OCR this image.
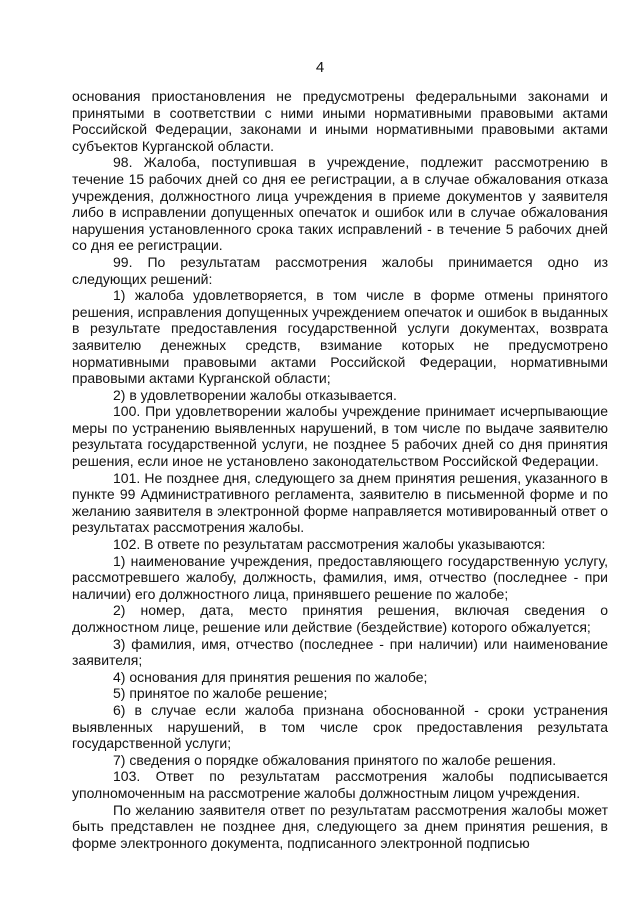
4

основания приостановления не предусмотрены федеральными законами и принятыми в соответствии с ними иными нормативными правовыми актами Российской Федерации, законами и иными нормативными правовыми актами субъектов Курганской области.

98. Жалоба, поступившая в учреждение, подлежит рассмотрению в течение 15 рабочих дней со дня ее регистрации, а в случае обжалования отказа учреждения, должностного лица учреждения в приеме документов у заявителя либо в исправлении допущенных опечаток и ошибок или в случае обжалования нарушения установленного срока таких исправлений - в течение 5 рабочих дней со дня ее регистрации.

99. По результатам рассмотрения жалобы принимается одно из следующих решений:

1) жалоба удовлетворяется, в том числе в форме отмены принятого решения, исправления допущенных учреждением опечаток и ошибок в выданных в результате предоставления государственной услуги документах, возврата заявителю денежных средств, взимание которых не предусмотрено нормативными правовыми актами Российской Федерации, нормативными правовыми актами Курганской области;

2) в удовлетворении жалобы отказывается.

100. При удовлетворении жалобы учреждение принимает исчерпывающие меры по устранению выявленных нарушений, в том числе по выдаче заявителю результата государственной услуги, не позднее 5 рабочих дней со дня принятия решения, если иное не установлено законодательством Российской Федерации.

101. Не позднее дня, следующего за днем принятия решения, указанного в пункте 99 Административного регламента, заявителю в письменной форме и по желанию заявителя в электронной форме направляется мотивированный ответ о результатах рассмотрения жалобы.

102. В ответе по результатам рассмотрения жалобы указываются:

1) наименование учреждения, предоставляющего государственную услугу, рассмотревшего жалобу, должность, фамилия, имя, отчество (последнее - при наличии) его должностного лица, принявшего решение по жалобе;

2) номер, дата, место принятия решения, включая сведения о должностном лице, решение или действие (бездействие) которого обжалуется;

3) фамилия, имя, отчество (последнее - при наличии) или наименование заявителя;

4) основания для принятия решения по жалобе;

5) принятое по жалобе решение;

6) в случае если жалоба признана обоснованной - сроки устранения выявленных нарушений, в том числе срок предоставления результата государственной услуги;

7) сведения о порядке обжалования принятого по жалобе решения.

103. Ответ по результатам рассмотрения жалобы подписывается уполномоченным на рассмотрение жалобы должностным лицом учреждения.

По желанию заявителя ответ по результатам рассмотрения жалобы может быть представлен не позднее дня, следующего за днем принятия решения, в форме электронного документа, подписанного электронной подписью
